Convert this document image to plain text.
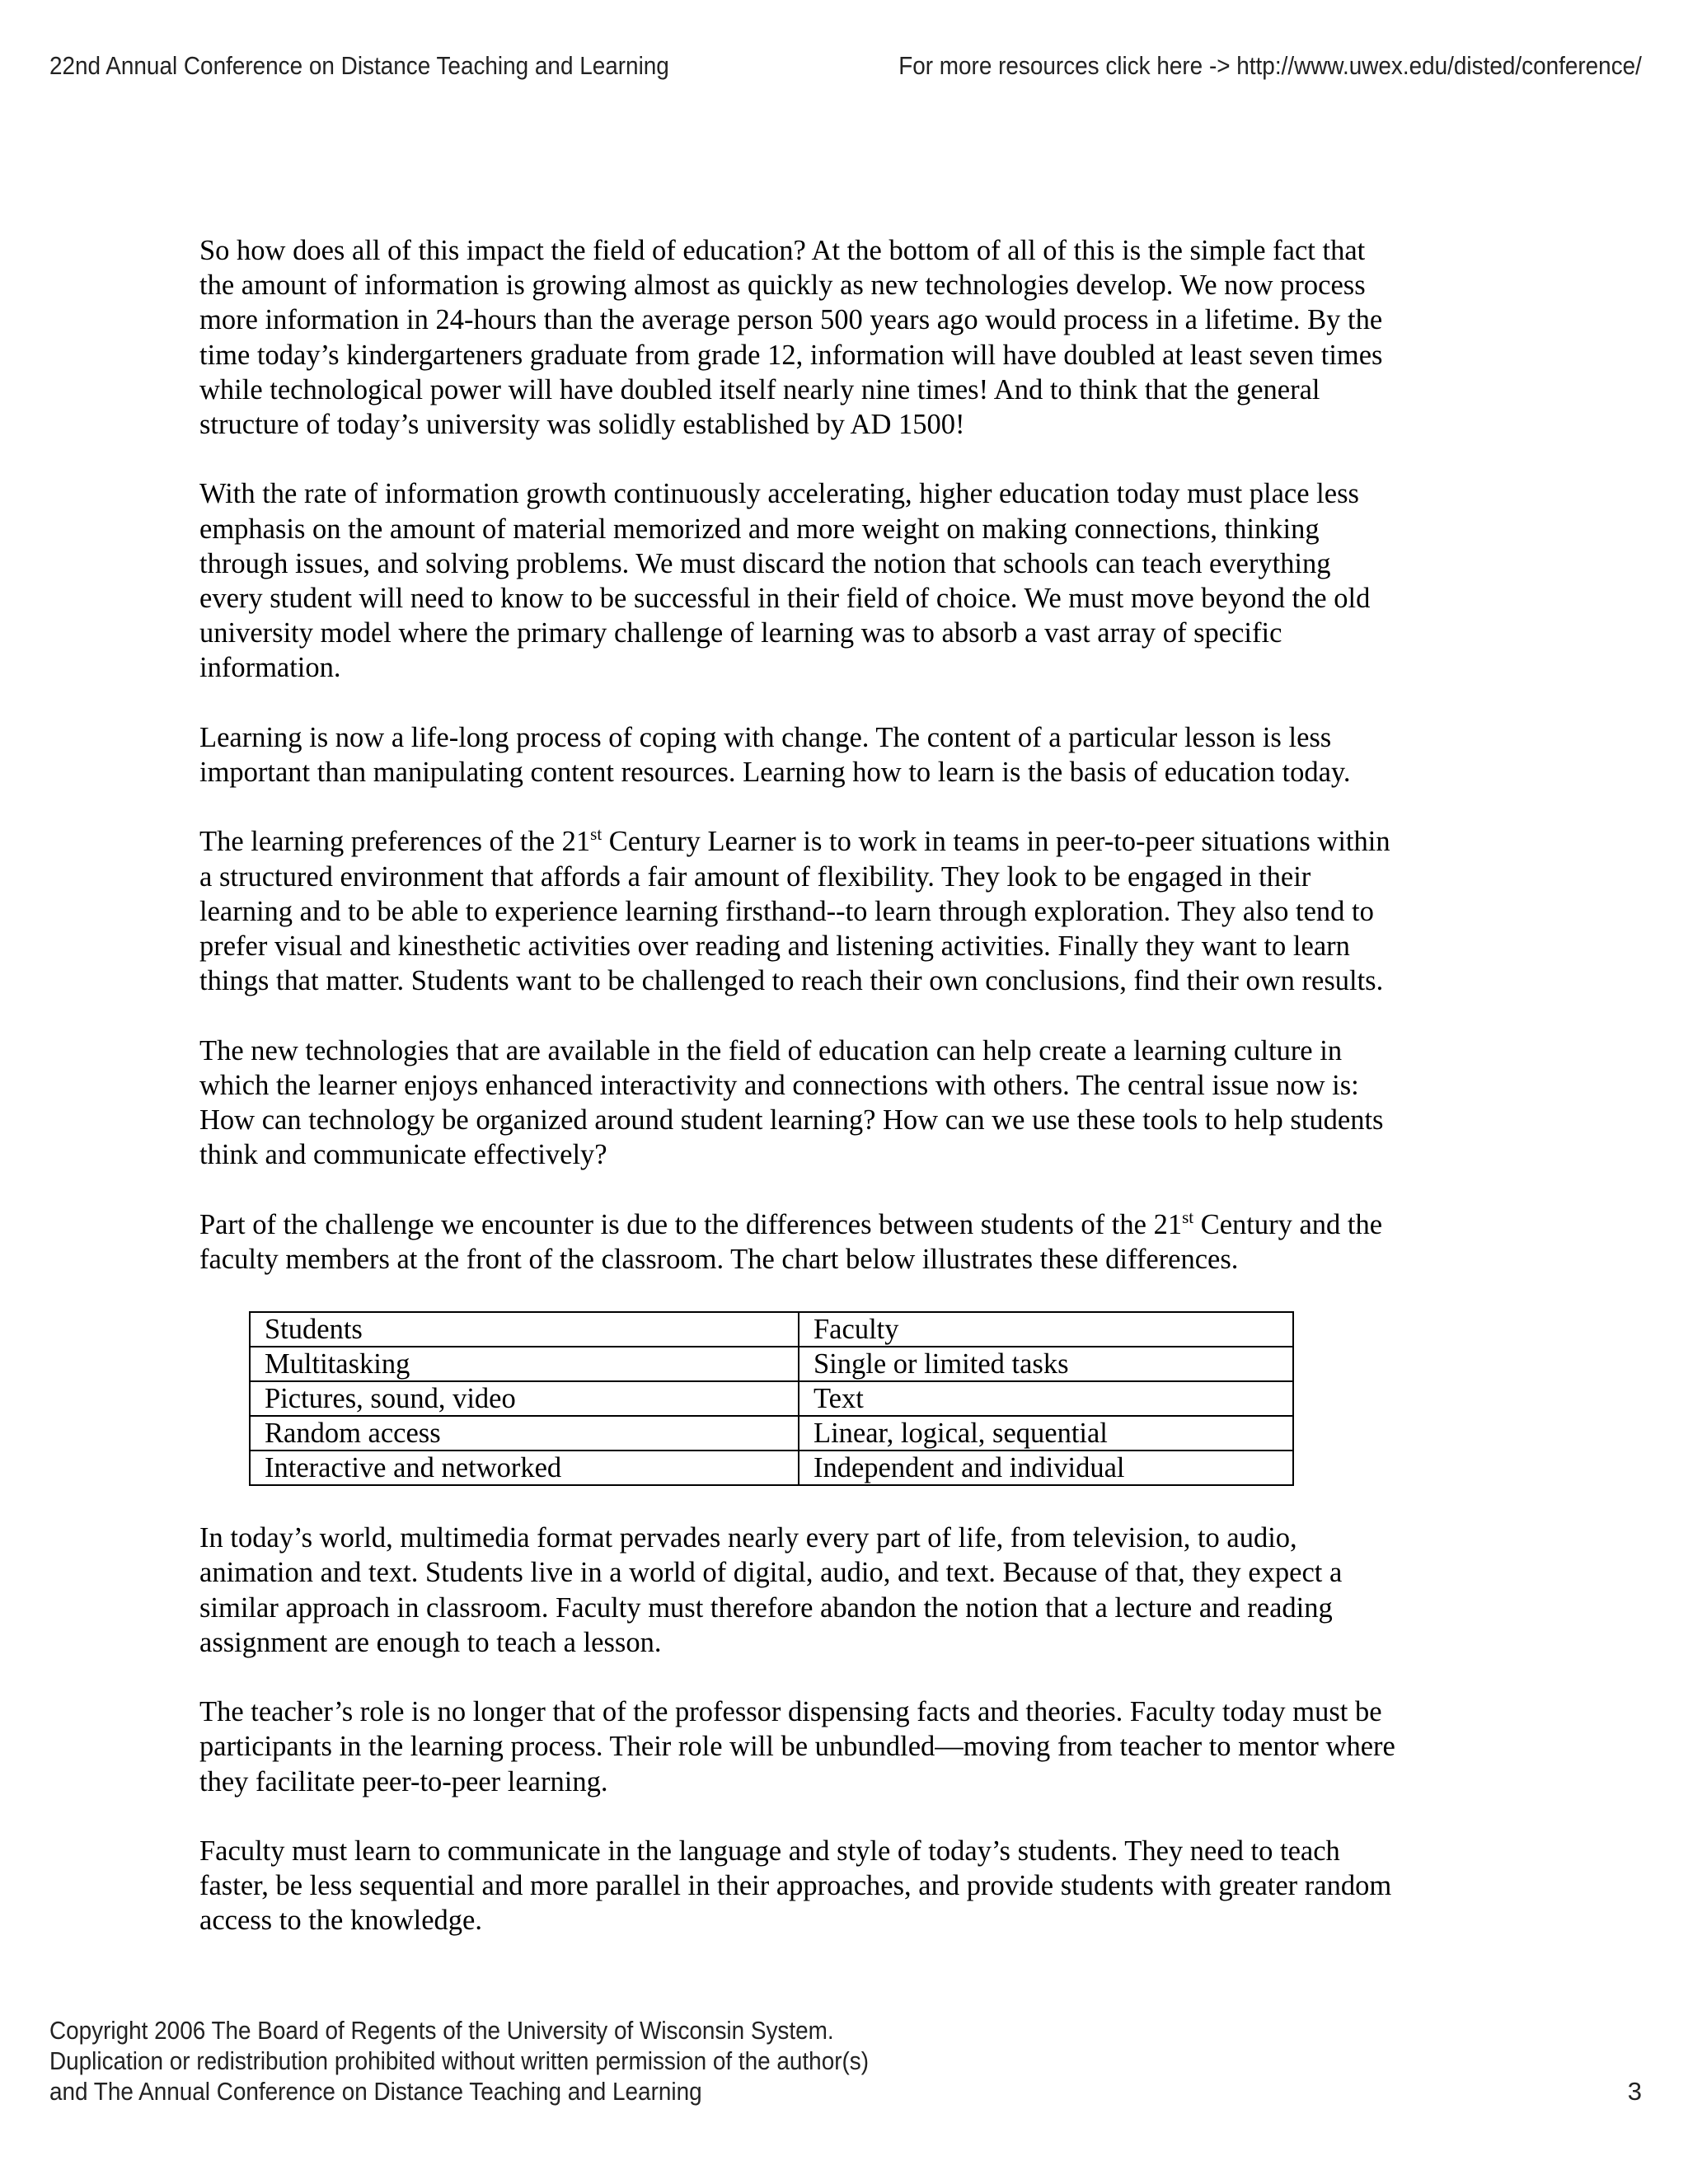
22nd Annual Conference on Distance Teaching and Learning	For more resources click here -> http://www.uwex.edu/disted/conference/

So how does all of this impact the field of education? At the bottom of all of this is the simple fact that
the amount of information is growing almost as quickly as new technologies develop. We now process
more information in 24-hours than the average person 500 years ago would process in a lifetime. By the
time today’s kindergarteners graduate from grade 12, information will have doubled at least seven times
while technological power will have doubled itself nearly nine times! And to think that the general
structure of today’s university was solidly established by AD 1500!

With the rate of information growth continuously accelerating, higher education today must place less
emphasis on the amount of material memorized and more weight on making connections, thinking
through issues, and solving problems. We must discard the notion that schools can teach everything
every student will need to know to be successful in their field of choice. We must move beyond the old
university model where the primary challenge of learning was to absorb a vast array of specific
information.

Learning is now a life-long process of coping with change. The content of a particular lesson is less
important than manipulating content resources. Learning how to learn is the basis of education today.

The learning preferences of the 21st Century Learner is to work in teams in peer-to-peer situations within
a structured environment that affords a fair amount of flexibility. They look to be engaged in their
learning and to be able to experience learning firsthand--to learn through exploration. They also tend to
prefer visual and kinesthetic activities over reading and listening activities. Finally they want to learn
things that matter. Students want to be challenged to reach their own conclusions, find their own results.

The new technologies that are available in the field of education can help create a learning culture in
which the learner enjoys enhanced interactivity and connections with others. The central issue now is:
How can technology be organized around student learning? How can we use these tools to help students
think and communicate effectively?

Part of the challenge we encounter is due to the differences between students of the 21st Century and the
faculty members at the front of the classroom. The chart below illustrates these differences.

Students	Faculty
Multitasking	Single or limited tasks
Pictures, sound, video	Text
Random access	Linear, logical, sequential
Interactive and networked	Independent and individual

In today’s world, multimedia format pervades nearly every part of life, from television, to audio,
animation and text. Students live in a world of digital, audio, and text. Because of that, they expect a
similar approach in classroom. Faculty must therefore abandon the notion that a lecture and reading
assignment are enough to teach a lesson.

The teacher’s role is no longer that of the professor dispensing facts and theories. Faculty today must be
participants in the learning process. Their role will be unbundled—moving from teacher to mentor where
they facilitate peer-to-peer learning.

Faculty must learn to communicate in the language and style of today’s students. They need to teach
faster, be less sequential and more parallel in their approaches, and provide students with greater random
access to the knowledge.

Copyright 2006 The Board of Regents of the University of Wisconsin System.
Duplication or redistribution prohibited without written permission of the author(s)
and The Annual Conference on Distance Teaching and Learning	3
